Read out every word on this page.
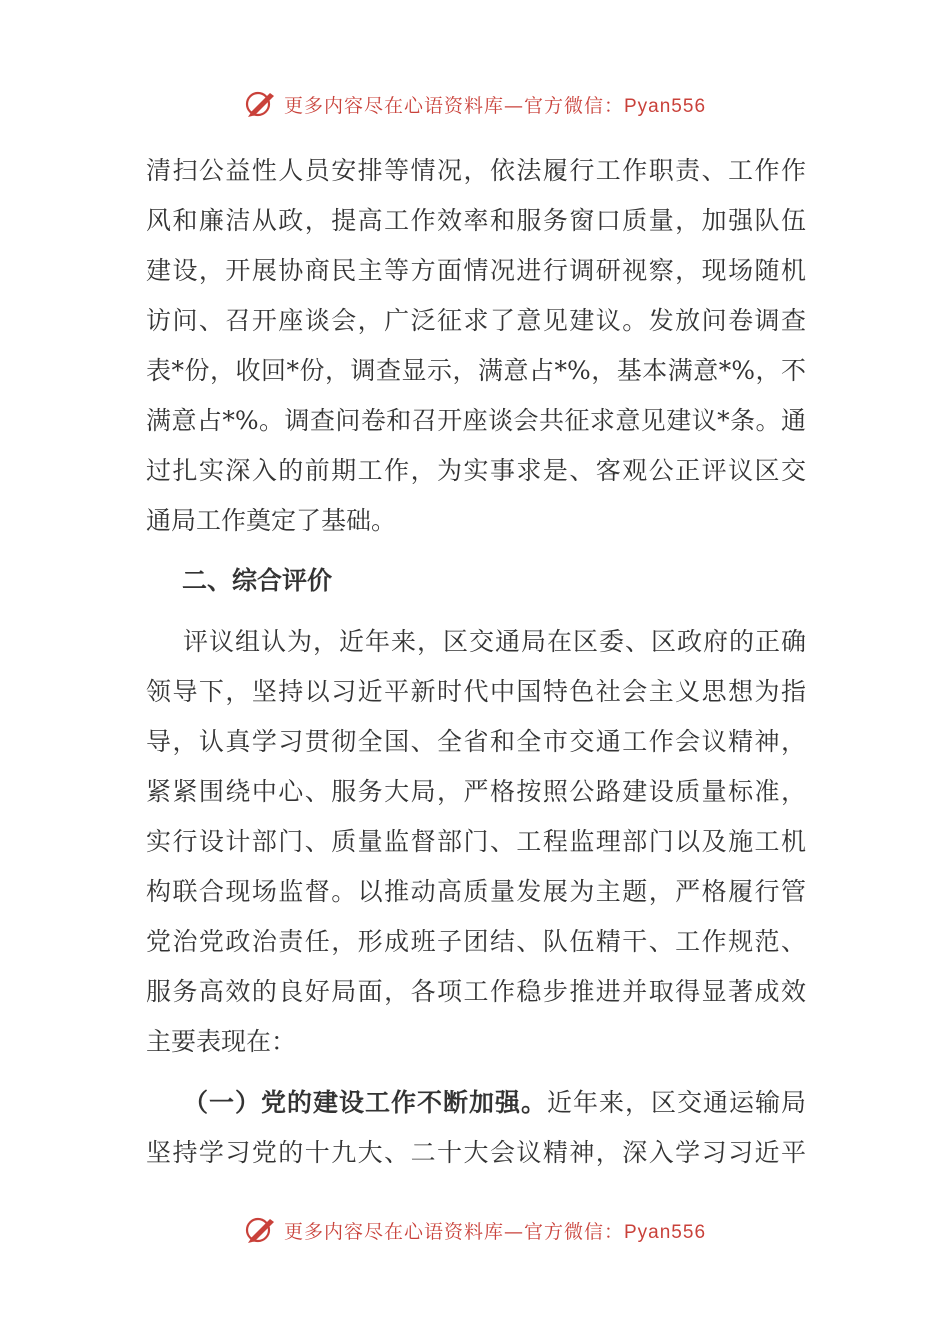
更多内容尽在心语资料库—官方微信：Pyan556
清扫公益性人员安排等情况，依法履行工作职责、工作作
风和廉洁从政，提高工作效率和服务窗口质量，加强队伍
建设，开展协商民主等方面情况进行调研视察，现场随机
访问、召开座谈会，广泛征求了意见建议。发放问卷调查
表*份，收回*份，调查显示，满意占*%，基本满意*%，不
满意占*%。调查问卷和召开座谈会共征求意见建议*条。通
过扎实深入的前期工作，为实事求是、客观公正评议区交
通局工作奠定了基础。
二、综合评价
评议组认为，近年来，区交通局在区委、区政府的正确
领导下，坚持以习近平新时代中国特色社会主义思想为指
导，认真学习贯彻全国、全省和全市交通工作会议精神，
紧紧围绕中心、服务大局，严格按照公路建设质量标准，
实行设计部门、质量监督部门、工程监理部门以及施工机
构联合现场监督。以推动高质量发展为主题，严格履行管
党治党政治责任，形成班子团结、队伍精干、工作规范、
服务高效的良好局面，各项工作稳步推进并取得显著成效
主要表现在：
（一）党的建设工作不断加强。近年来，区交通运输局
坚持学习党的十九大、二十大会议精神，深入学习习近平
更多内容尽在心语资料库—官方微信：Pyan556
